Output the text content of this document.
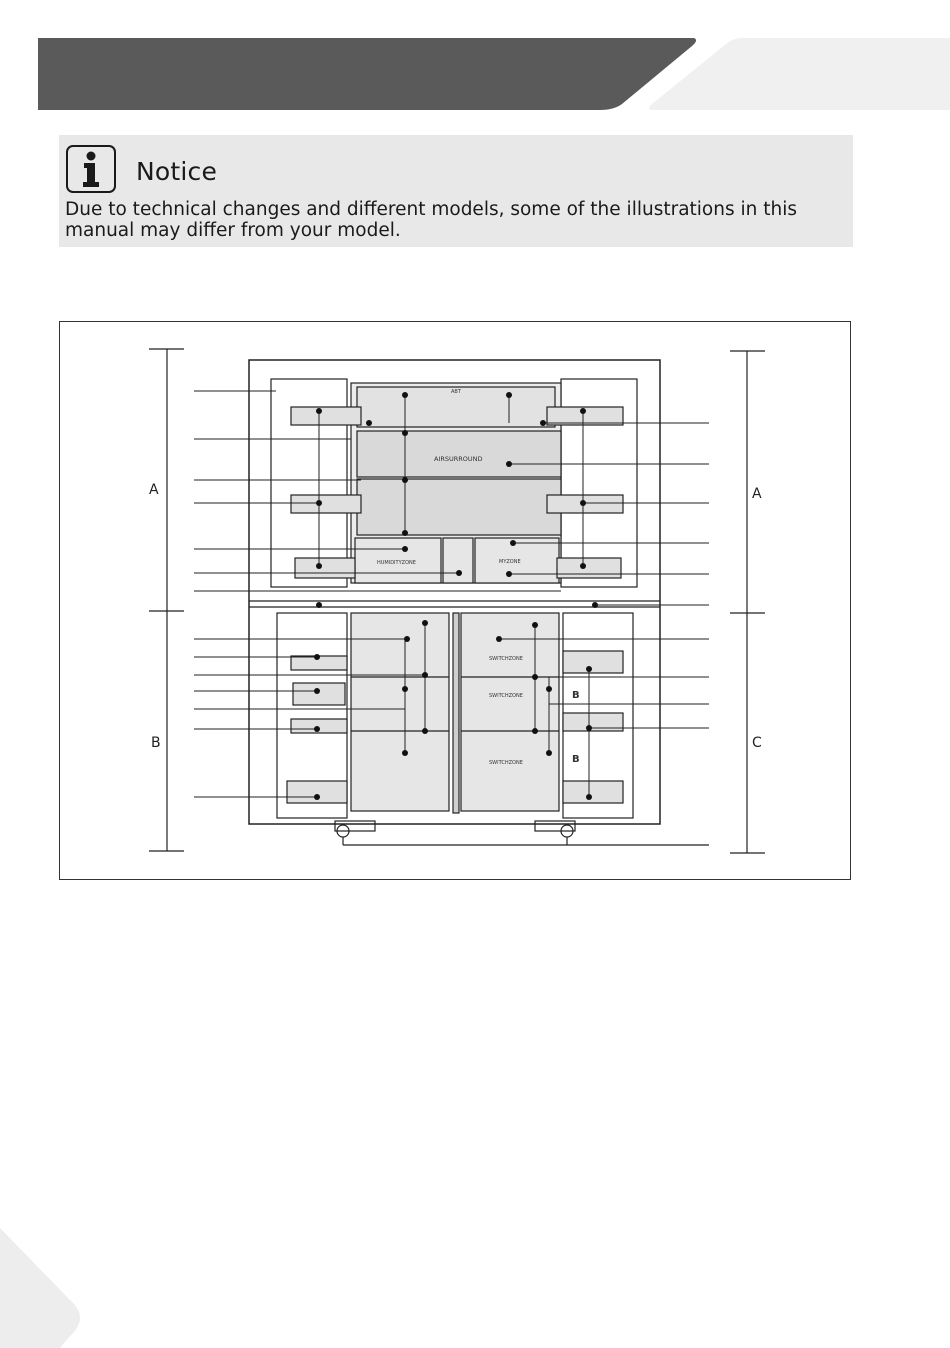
Notice
Due to technical changes and different models, some of the illustrations in this manual may differ from your model.
ABT
AIRSURROUND
HUMIDITYZONE	MYZONE
SWITCHZONE
SWITCHZONE
SWITCHZONE
B
B
A
B
A
C
